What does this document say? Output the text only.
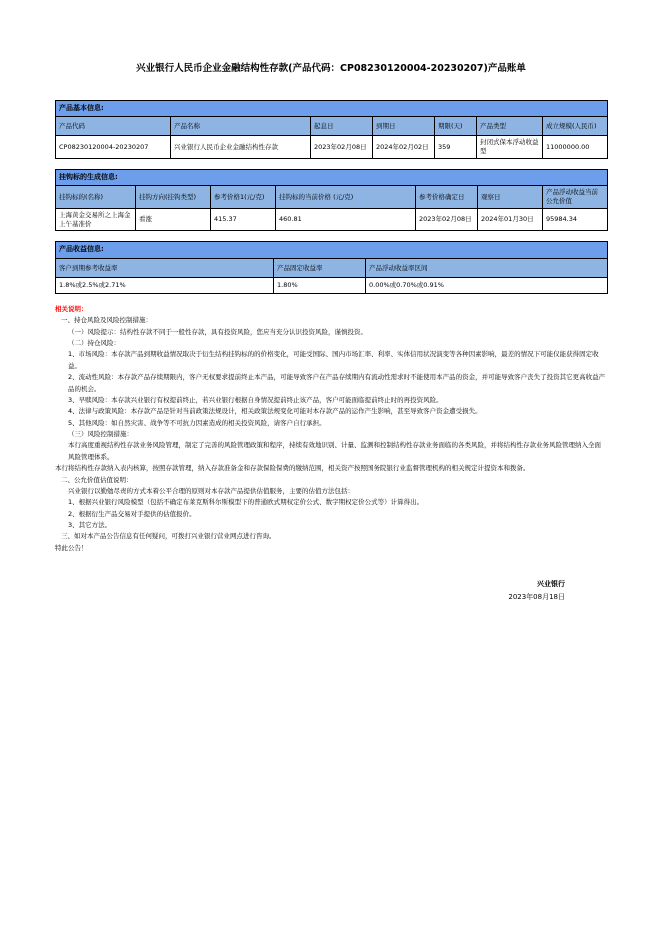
兴业银行人民币企业金融结构性存款(产品代码：CP08230120004-20230207)产品账单
产品基本信息:						
产品代码	产品名称	起息日	到期日	期限(天)	产品类型	成立规模(人民币)
CP08230120004-20230207	兴业银行人民币企业金融结构性存款	2023年02月08日	2024年02月02日	359	封闭式保本浮动收益型	11000000.00
挂钩标的生成信息:						
挂钩标的(名称)	挂钩方向(挂钩类型)	参考价格1(元/克)	挂钩标的当前价格 (元/克)	参考价格确定日	观察日	产品浮动收益当前公允价值
上海黄金交易所之上海金上午基准价	看涨	415.37	460.81	2023年02月08日	2024年01月30日	95984.34
产品收益信息:		
客户到期参考收益率	产品固定收益率	产品浮动收益率区间
1.8%或2.5%或2.71%	1.80%	0.00%或0.70%或0.91%

相关说明：

一、持仓风险及风险控制措施：

（一）风险提示：结构性存款不同于一般性存款，具有投资风险，您应当充分认识投资风险，谨慎投资。

（二）持仓风险：

1、市场风险：本存款产品到期收益情况取决于衍生结构挂钩标的的价格变化，可能受国际、国内市场汇率、利率、实体信用状况演变等各种因素影响，最差的情况下可能仅能获得固定收益。

2、流动性风险：本存款产品存续期限内，客户无权要求提前终止本产品，可能导致客户在产品存续期内有流动性需求时不能使用本产品的资金，并可能导致客户丧失了投资其它更高收益产品的机会。

3、早赎风险：本存款兴业银行有权提前终止，若兴业银行根据自身情况提前终止该产品，客户可能面临提前终止时的再投资风险。

4、法律与政策风险：本存款产品是针对当前政策法规设计，相关政策法规变化可能对本存款产品的运作产生影响，甚至导致客户资金遭受损失。

5、其他风险：如自然灾害、战争等不可抗力因素造成的相关投资风险，请客户自行承担。

（三）风险控制措施：

本行高度重视结构性存款业务风险管理，制定了完善的风险管理政策和程序，持续有效地识别、计量、监测和控制结构性存款业务面临的各类风险，并将结构性存款业务风险管理纳入全面风险管理体系。

本行将结构性存款纳入表内核算，按照存款管理，纳入存款准备金和存款保险保费的缴纳范围，相关资产按照国务院银行业监督管理机构的相关规定计提资本和拨备。

二、公允价值估值说明：

兴业银行以勤勉尽责的方式本着公平合理的原则对本存款产品提供估值服务，主要的估值方法包括：

1、根据兴业银行风险模型（包括不确定布莱克斯科尔斯模型下的普通欧式期权定价公式、数字期权定价公式等）计算得出。

2、根据衍生产品交易对手提供的估值报价。

3、其它方法。

三、如对本产品公告信息有任何疑问，可拨打兴业银行营业网点进行咨询。

特此公告！

兴业银行
2023年08月18日
